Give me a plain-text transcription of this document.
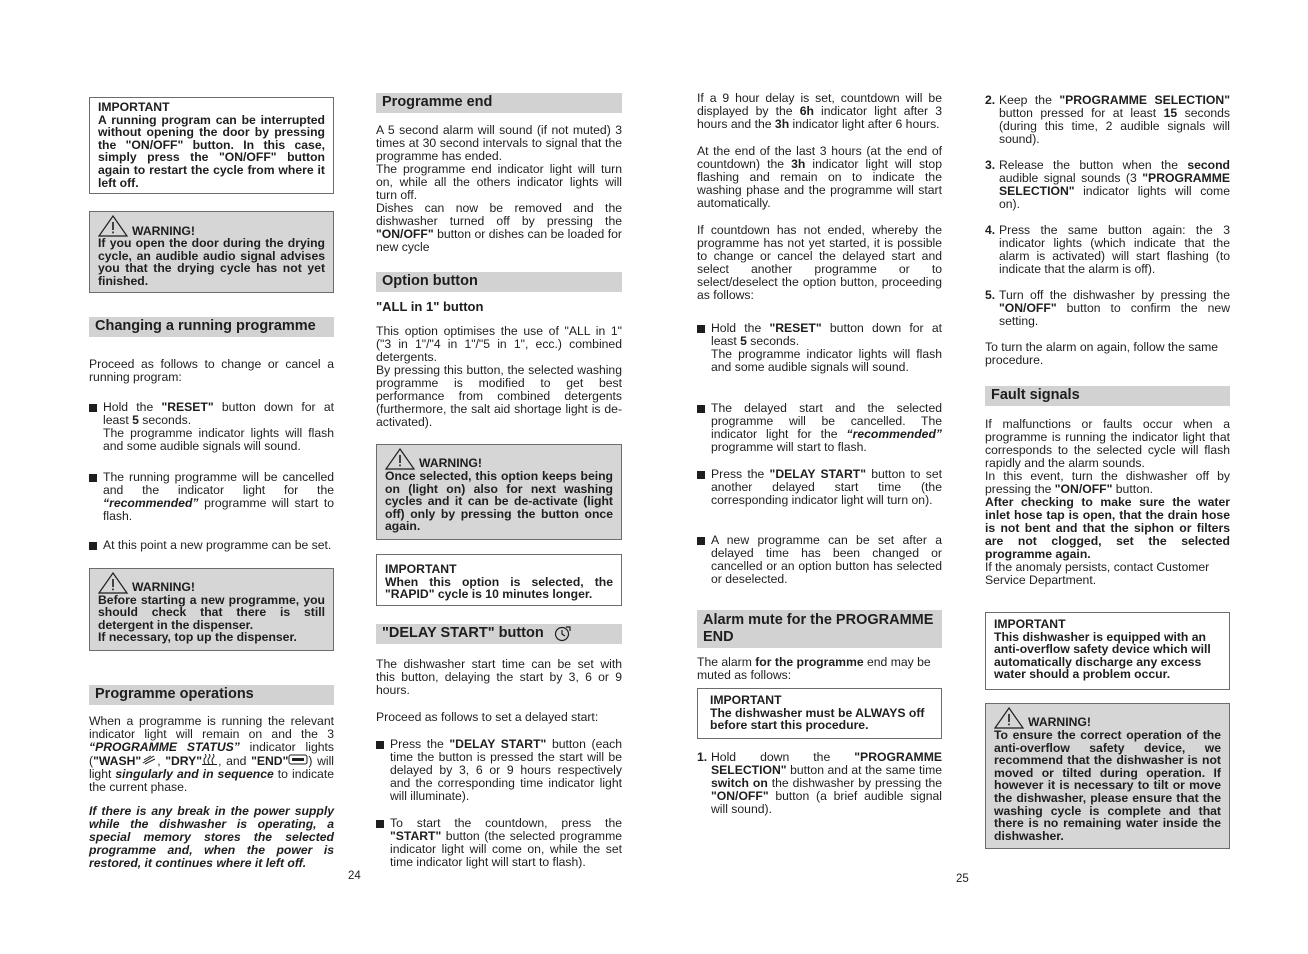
IMPORTANT

A running program can be interrupted without opening the door by pressing the "ON/OFF" button. In this case, simply press the "ON/OFF" button again to restart the cycle from where it left off.

WARNING!

If you open the door during the drying cycle, an audible audio signal advises you that the drying cycle has not yet finished.

Changing a running programme

Proceed as follows to change or cancel a running program:

Hold the "RESET" button down for at least 5 seconds.
The programme indicator lights will flash and some audible signals will sound.
The running programme will be cancelled and the indicator light for the “recommended” programme will start to flash.
At this point a new programme can be set.
WARNING!

Before starting a new programme, you should check that there is still detergent in the dispenser.

If necessary, top up the dispenser.

Programme operations

When a programme is running the relevant indicator light will remain on and the 3 “PROGRAMME STATUS” indicator lights ("WASH" , "DRY" , and "END" ) will light singularly and in sequence to indicate the current phase.

If there is any break in the power supply while the dishwasher is operating, a special memory stores the selected programme and, when the power is restored, it continues where it left off.

24
Programme end

A 5 second alarm will sound (if not muted) 3 times at 30 second intervals to signal that the programme has ended.

The programme end indicator light will turn on, while all the others indicator lights will turn off.

Dishes can now be removed and the dishwasher turned off by pressing the "ON/OFF" button or dishes can be loaded for new cycle

Option button

"ALL in 1" button

This option optimises the use of "ALL in 1" ("3 in 1"/"4 in 1"/"5 in 1", ecc.) combined detergents.

By pressing this button, the selected washing programme is modified to get best performance from combined detergents (furthermore, the salt aid shortage light is de-activated).

WARNING!

Once selected, this option keeps being on (light on) also for next washing cycles and it can be de-activate (light off) only by pressing the button once again.

IMPORTANT

When this option is selected, the "RAPID" cycle is 10 minutes longer.

"DELAY START" button

The dishwasher start time can be set with this button, delaying the start by 3, 6 or 9 hours.

Proceed as follows to set a delayed start:

Press the "DELAY START" button (each time the button is pressed the start will be delayed by 3, 6 or 9 hours respectively and the corresponding time indicator light will illuminate).
To start the countdown, press the "START" button (the selected programme indicator light will come on, while the set time indicator light will start to flash).

If a 9 hour delay is set, countdown will be displayed by the 6h indicator light after 3 hours and the 3h indicator light after 6 hours.

At the end of the last 3 hours (at the end of countdown) the 3h indicator light will stop flashing and remain on to indicate the washing phase and the programme will start automatically.

If countdown has not ended, whereby the programme has not yet started, it is possible to change or cancel the delayed start and select another programme or to select/deselect the option button, proceeding as follows:

Hold the "RESET" button down for at least 5 seconds.
The programme indicator lights will flash and some audible signals will sound.
The delayed start and the selected programme will be cancelled. The indicator light for the “recommended” programme will start to flash.
Press the "DELAY START" button to set another delayed start time (the corresponding indicator light will turn on).
A new programme can be set after a delayed time has been changed or cancelled or an option button has selected or deselected.
Alarm mute for the PROGRAMME END

The alarm for the programme end may be muted as follows:

IMPORTANT

The dishwasher must be ALWAYS off before start this procedure.

1. Hold down the "PROGRAMME SELECTION" button and at the same time switch on the dishwasher by pressing the "ON/OFF" button (a brief audible signal will sound).
25
2. Keep the "PROGRAMME SELECTION" button pressed for at least 15 seconds (during this time, 2 audible signals will sound).
3. Release the button when the second audible signal sounds (3 "PROGRAMME SELECTION" indicator lights will come on).
4. Press the same button again: the 3 indicator lights (which indicate that the alarm is activated) will start flashing (to indicate that the alarm is off).
5. Turn off the dishwasher by pressing the "ON/OFF" button to confirm the new setting.

To turn the alarm on again, follow the same procedure.

Fault signals

If malfunctions or faults occur when a programme is running the indicator light that corresponds to the selected cycle will flash rapidly and the alarm sounds.

In this event, turn the dishwasher off by pressing the "ON/OFF" button.

After checking to make sure the water inlet hose tap is open, that the drain hose is not bent and that the siphon or filters are not clogged, set the selected programme again.

If the anomaly persists, contact Customer Service Department.

IMPORTANT

This dishwasher is equipped with an anti-overflow safety device which will automatically discharge any excess water should a problem occur.

WARNING!

To ensure the correct operation of the anti-overflow safety device, we recommend that the dishwasher is not moved or tilted during operation. If however it is necessary to tilt or move the dishwasher, please ensure that the washing cycle is complete and that there is no remaining water inside the dishwasher.
